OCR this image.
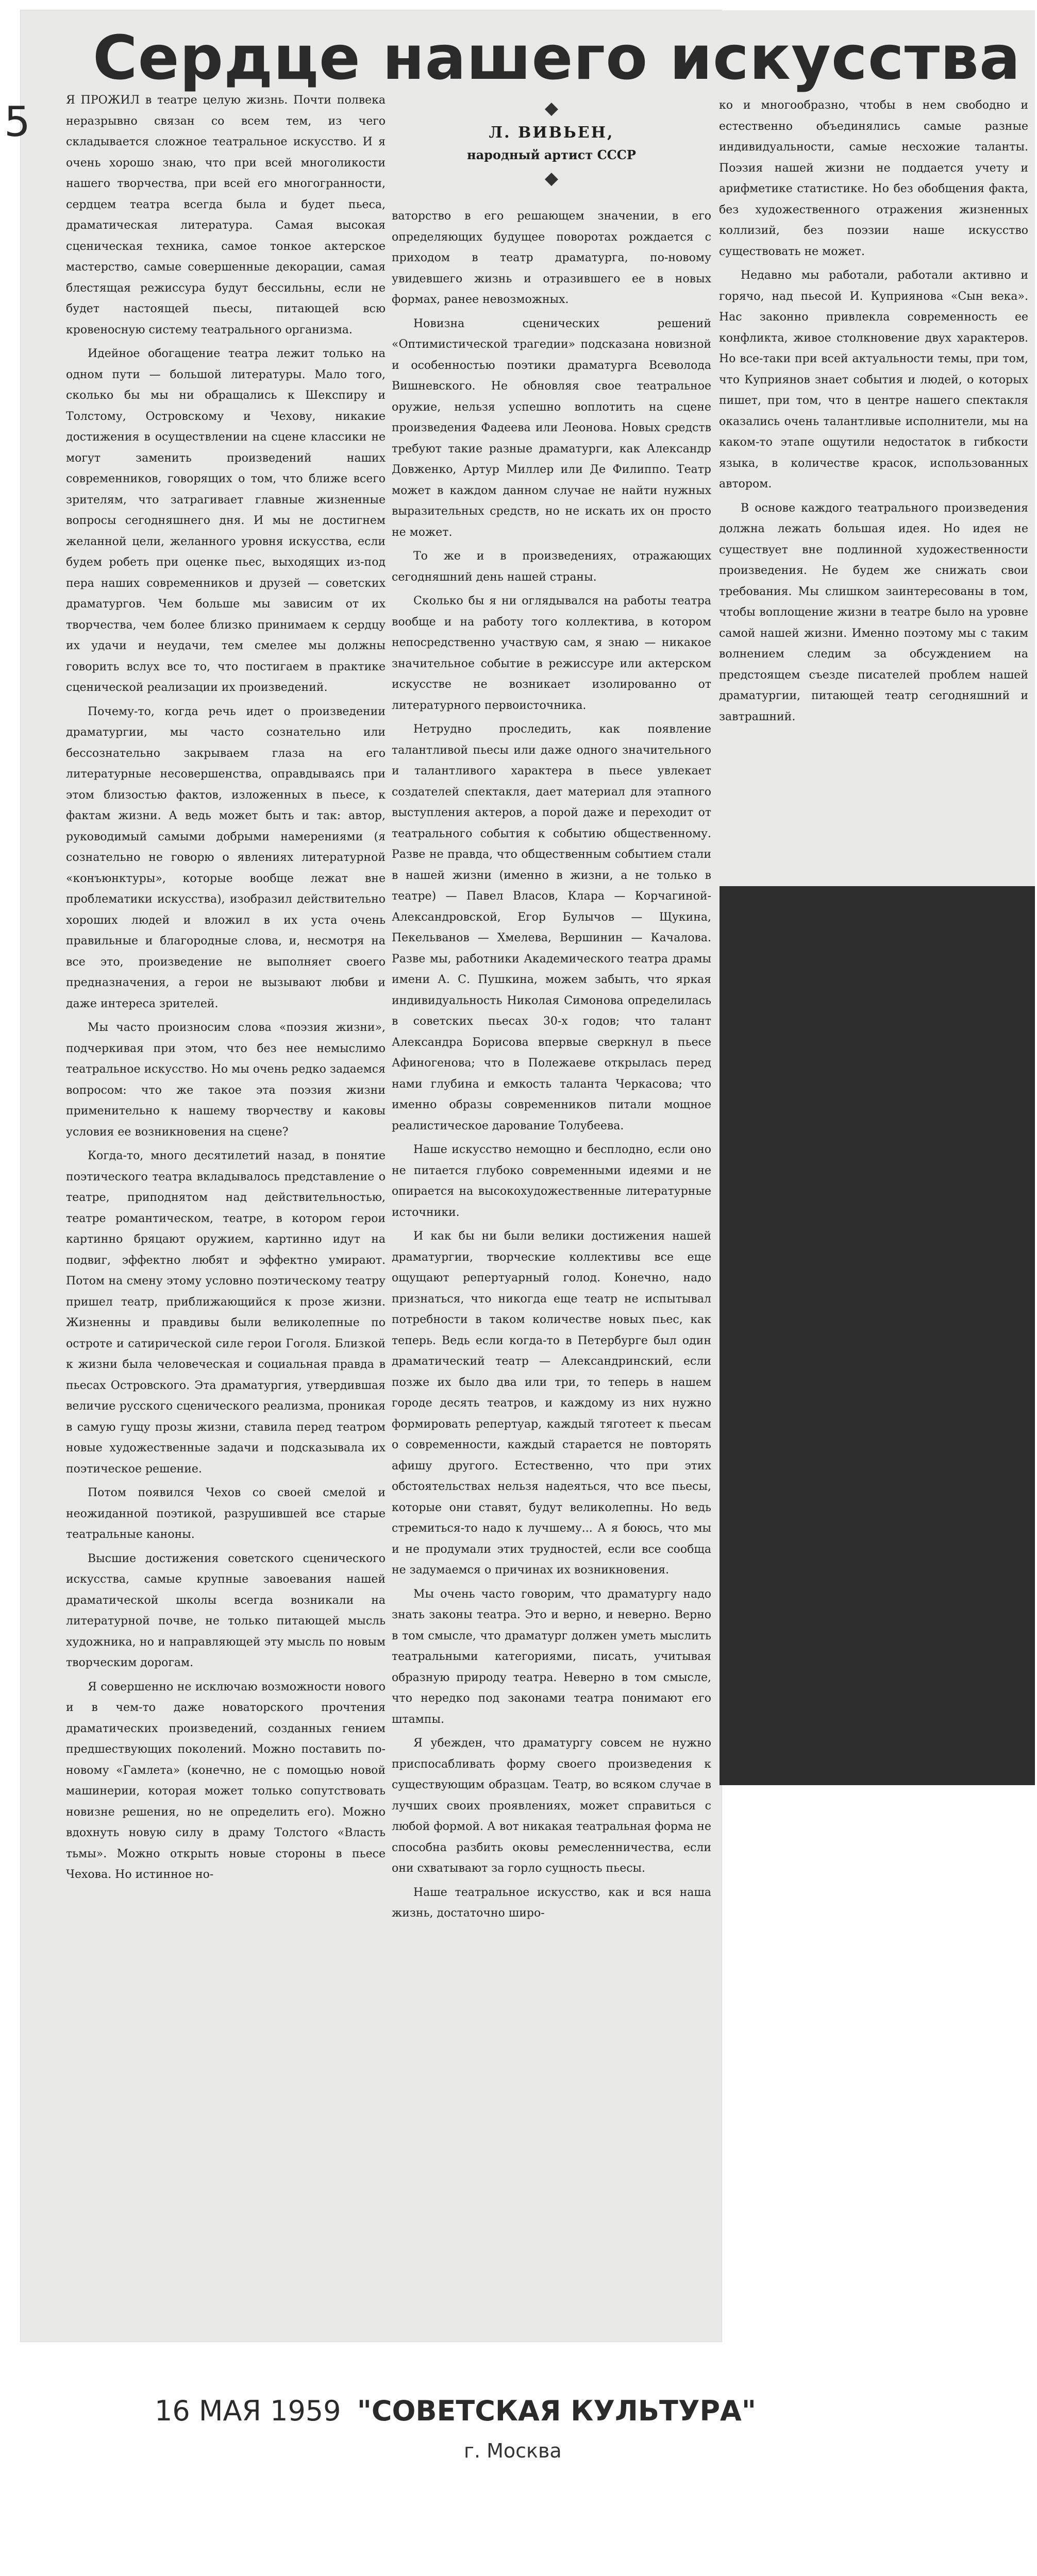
5
Сердце нашего искусства
◆
Л. ВИВЬЕН,
народный артист СССР
◆

Я ПРОЖИЛ в театре целую жизнь. Почти полвека неразрывно связан со всем тем, из чего складывается сложное театральное искусство. И я очень хорошо знаю, что при всей многоликости нашего творчества, при всей его многогранности, сердцем театра всегда была и будет пьеса, драматическая литература. Самая высокая сценическая техника, самое тонкое актерское мастерство, самые совершенные декорации, самая блестящая режиссура будут бессильны, если не будет настоящей пьесы, питающей всю кровеносную систему театрального организма.

Идейное обогащение театра лежит только на одном пути — большой литературы. Мало того, сколько бы мы ни обращались к Шекспиру и Толстому, Островскому и Чехову, никакие достижения в осуществлении на сцене классики не могут заменить произведений наших современников, говорящих о том, что ближе всего зрителям, что затрагивает главные жизненные вопросы сегодняшнего дня. И мы не достигнем желанной цели, желанного уровня искусства, если будем робеть при оценке пьес, выходящих из-под пера наших современников и друзей — советских драматургов. Чем больше мы зависим от их творчества, чем более близко принимаем к сердцу их удачи и неудачи, тем смелее мы должны говорить вслух все то, что постигаем в практике сценической реализации их произведений.

Почему-то, когда речь идет о произведении драматургии, мы часто сознательно или бессознательно закрываем глаза на его литературные несовершенства, оправдываясь при этом близостью фактов, изложенных в пьесе, к фактам жизни. А ведь может быть и так: автор, руководимый самыми добрыми намерениями (я сознательно не говорю о явлениях литературной «конъюнктуры», которые вообще лежат вне проблематики искусства), изобразил действительно хороших людей и вложил в их уста очень правильные и благородные слова, и, несмотря на все это, произведение не выполняет своего предназначения, а герои не вызывают любви и даже интереса зрителей.

Мы часто произносим слова «поэзия жизни», подчеркивая при этом, что без нее немыслимо театральное искусство. Но мы очень редко задаемся вопросом: что же такое эта поэзия жизни применительно к нашему творчеству и каковы условия ее возникновения на сцене?

Когда-то, много десятилетий назад, в понятие поэтического театра вкладывалось представление о театре, приподнятом над действительностью, театре романтическом, театре, в котором герои картинно бряцают оружием, картинно идут на подвиг, эффектно любят и эффектно умирают. Потом на смену этому условно поэтическому театру пришел театр, приближающийся к прозе жизни. Жизненны и правдивы были великолепные по остроте и сатирической силе герои Гоголя. Близкой к жизни была человеческая и социальная правда в пьесах Островского. Эта драматургия, утвердившая величие русского сценического реализма, проникая в самую гущу прозы жизни, ставила перед театром новые художественные задачи и подсказывала их поэтическое решение.

Потом появился Чехов со своей смелой и неожиданной поэтикой, разрушившей все старые театральные каноны.

Высшие достижения советского сценического искусства, самые крупные завоевания нашей драматической школы всегда возникали на литературной почве, не только питающей мысль художника, но и направляющей эту мысль по новым творческим дорогам.

Я совершенно не исключаю возможности нового и в чем-то даже новаторского прочтения драматических произведений, созданных гением предшествующих поколений. Можно поставить по-новому «Гамлета» (конечно, не с помощью новой машинерии, которая может только сопутствовать новизне решения, но не определить его). Можно вдохнуть новую силу в драму Толстого «Власть тьмы». Можно открыть новые стороны в пьесе Чехова. Но истинное но-

ваторство в его решающем значении, в его определяющих будущее поворотах рождается с приходом в театр драматурга, по-новому увидевшего жизнь и отразившего ее в новых формах, ранее невозможных.

Новизна сценических решений «Оптимистической трагедии» подсказана новизной и особенностью поэтики драматурга Всеволода Вишневского. Не обновляя свое театральное оружие, нельзя успешно воплотить на сцене произведения Фадеева или Леонова. Новых средств требуют такие разные драматурги, как Александр Довженко, Артур Миллер или Де Филиппо. Театр может в каждом данном случае не найти нужных выразительных средств, но не искать их он просто не может.

То же и в произведениях, отражающих сегодняшний день нашей страны.

Сколько бы я ни оглядывался на работы театра вообще и на работу того коллектива, в котором непосредственно участвую сам, я знаю — никакое значительное событие в режиссуре или актерском искусстве не возникает изолированно от литературного первоисточника.

Нетрудно проследить, как появление талантливой пьесы или даже одного значительного и талантливого характера в пьесе увлекает создателей спектакля, дает материал для этапного выступления актеров, а порой даже и переходит от театрального события к событию общественному. Разве не правда, что общественным событием стали в нашей жизни (именно в жизни, а не только в театре) — Павел Власов, Клара — Корчагиной-Александровской, Егор Булычов — Щукина, Пекельванов — Хмелева, Вершинин — Качалова. Разве мы, работники Академического театра драмы имени А. С. Пушкина, можем забыть, что яркая индивидуальность Николая Симонова определилась в советских пьесах 30-х годов; что талант Александра Борисова впервые сверкнул в пьесе Афиногенова; что в Полежаеве открылась перед нами глубина и емкость таланта Черкасова; что именно образы современников питали мощное реалистическое дарование Толубеева.

Наше искусство немощно и бесплодно, если оно не питается глубоко современными идеями и не опирается на высокохудожественные литературные источники.

И как бы ни были велики достижения нашей драматургии, творческие коллективы все еще ощущают репертуарный голод. Конечно, надо признаться, что никогда еще театр не испытывал потребности в таком количестве новых пьес, как теперь. Ведь если когда-то в Петербурге был один драматический театр — Александринский, если позже их было два или три, то теперь в нашем городе десять театров, и каждому из них нужно формировать репертуар, каждый тяготеет к пьесам о современности, каждый старается не повторять афишу другого. Естественно, что при этих обстоятельствах нельзя надеяться, что все пьесы, которые они ставят, будут великолепны. Но ведь стремиться-то надо к лучшему... А я боюсь, что мы и не продумали этих трудностей, если все сообща не задумаемся о причинах их возникновения.

Мы очень часто говорим, что драматургу надо знать законы театра. Это и верно, и неверно. Верно в том смысле, что драматург должен уметь мыслить театральными категориями, писать, учитывая образную природу театра. Неверно в том смысле, что нередко под законами театра понимают его штампы.

Я убежден, что драматургу совсем не нужно приспосабливать форму своего произведения к существующим образцам. Театр, во всяком случае в лучших своих проявлениях, может справиться с любой формой. А вот никакая театральная форма не способна разбить оковы ремесленничества, если они схватывают за горло сущность пьесы.

Наше театральное искусство, как и вся наша жизнь, достаточно широ-

ко и многообразно, чтобы в нем свободно и естественно объединялись самые разные индивидуальности, самые несхожие таланты. Поэзия нашей жизни не поддается учету и арифметике статистике. Но без обобщения факта, без художественного отражения жизненных коллизий, без поэзии наше искусство существовать не может.

Недавно мы работали, работали активно и горячо, над пьесой И. Куприянова «Сын века». Нас законно привлекла современность ее конфликта, живое столкновение двух характеров. Но все-таки при всей актуальности темы, при том, что Куприянов знает события и людей, о которых пишет, при том, что в центре нашего спектакля оказались очень талантливые исполнители, мы на каком-то этапе ощутили недостаток в гибкости языка, в количестве красок, использованных автором.

В основе каждого театрального произведения должна лежать большая идея. Но идея не существует вне подлинной художественности произведения. Не будем же снижать свои требования. Мы слишком заинтересованы в том, чтобы воплощение жизни в театре было на уровне самой нашей жизни. Именно поэтому мы с таким волнением следим за обсуждением на предстоящем съезде писателей проблем нашей драматургии, питающей театр сегодняшний и завтрашний.

16 МАЯ 1959 "СОВЕТСКАЯ КУЛЬТУРА"
г. Москва
